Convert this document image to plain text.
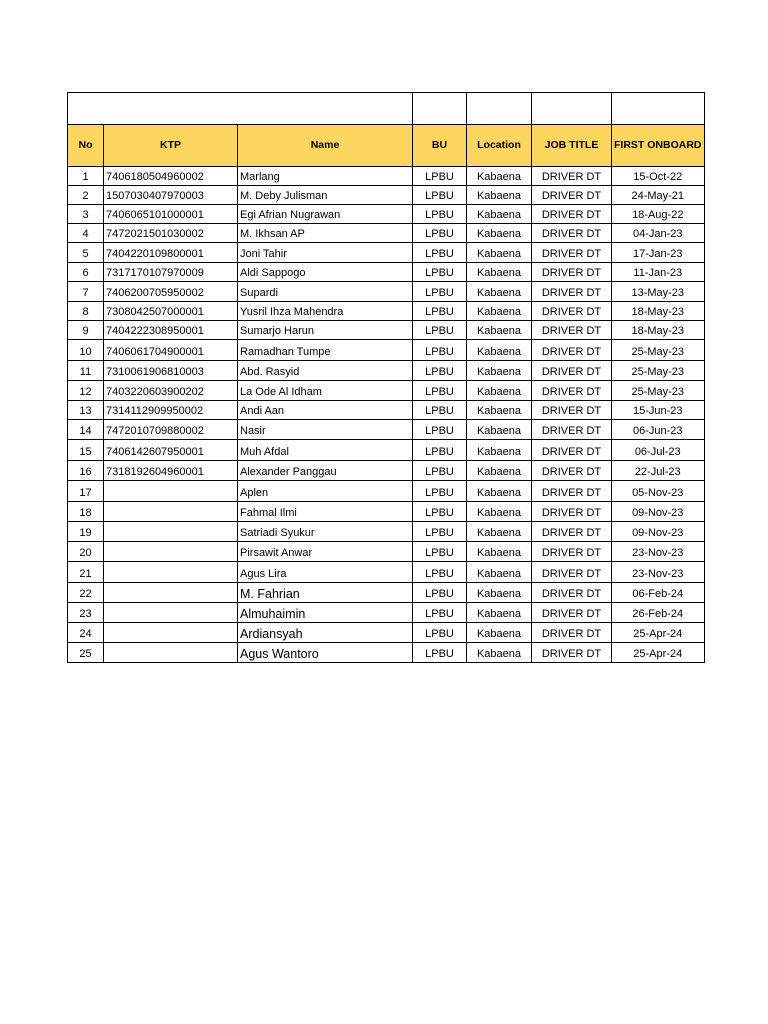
No	KTP	Name	BU	Location	JOB TITLE	FIRST ONBOARD
1	7406180504960002	Marlang	LPBU	Kabaena	DRIVER DT	15-Oct-22
2	1507030407970003	M. Deby Julisman	LPBU	Kabaena	DRIVER DT	24-May-21
3	7406065101000001	Egi Afrian Nugrawan	LPBU	Kabaena	DRIVER DT	18-Aug-22
4	7472021501030002	M. Ikhsan AP	LPBU	Kabaena	DRIVER DT	04-Jan-23
5	7404220109800001	Joni Tahir	LPBU	Kabaena	DRIVER DT	17-Jan-23
6	7317170107970009	Aldi Sappogo	LPBU	Kabaena	DRIVER DT	11-Jan-23
7	7406200705950002	Supardi	LPBU	Kabaena	DRIVER DT	13-May-23
8	7308042507000001	Yusril Ihza Mahendra	LPBU	Kabaena	DRIVER DT	18-May-23
9	7404222308950001	Sumarjo Harun	LPBU	Kabaena	DRIVER DT	18-May-23
10	7406061704900001	Ramadhan Tumpe	LPBU	Kabaena	DRIVER DT	25-May-23
11	7310061906810003	Abd. Rasyid	LPBU	Kabaena	DRIVER DT	25-May-23
12	7403220603900202	La Ode Al Idham	LPBU	Kabaena	DRIVER DT	25-May-23
13	7314112909950002	Andi Aan	LPBU	Kabaena	DRIVER DT	15-Jun-23
14	7472010709880002	Nasir	LPBU	Kabaena	DRIVER DT	06-Jun-23
15	7406142607950001	Muh Afdal	LPBU	Kabaena	DRIVER DT	06-Jul-23
16	7318192604960001	Alexander Panggau	LPBU	Kabaena	DRIVER DT	22-Jul-23
17		Aplen	LPBU	Kabaena	DRIVER DT	05-Nov-23
18		Fahmal Ilmi	LPBU	Kabaena	DRIVER DT	09-Nov-23
19		Satriadi Syukur	LPBU	Kabaena	DRIVER DT	09-Nov-23
20		Pirsawit Anwar	LPBU	Kabaena	DRIVER DT	23-Nov-23
21		Agus Lira	LPBU	Kabaena	DRIVER DT	23-Nov-23
22		M. Fahrian	LPBU	Kabaena	DRIVER DT	06-Feb-24
23		Almuhaimin	LPBU	Kabaena	DRIVER DT	26-Feb-24
24		Ardiansyah	LPBU	Kabaena	DRIVER DT	25-Apr-24
25		Agus Wantoro	LPBU	Kabaena	DRIVER DT	25-Apr-24
